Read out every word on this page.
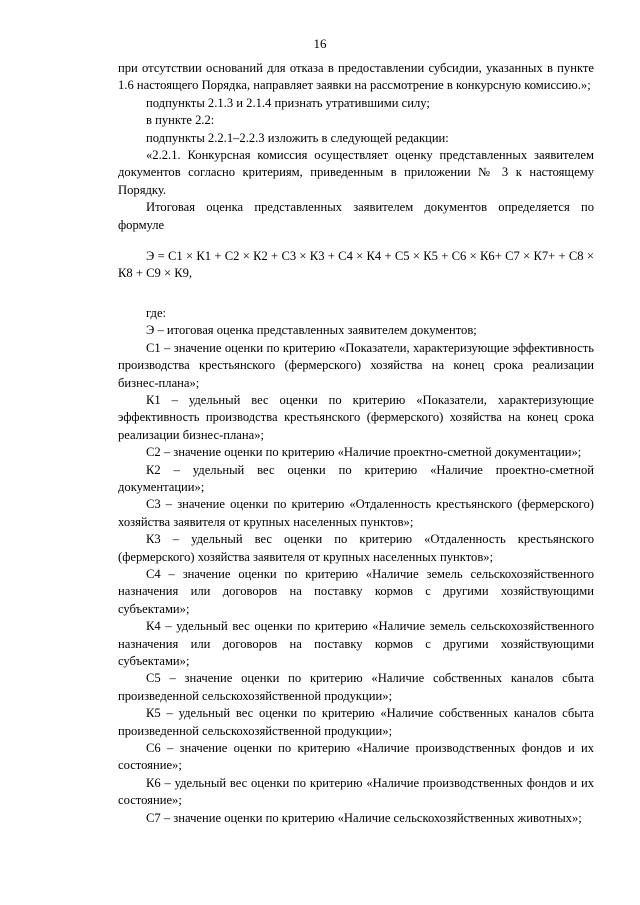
16

при отсутствии оснований для отказа в предоставлении субсидии, указанных в пункте 1.6 настоящего Порядка, направляет заявки на рассмотрение в конкурсную комиссию.»;

подпункты 2.1.3 и 2.1.4 признать утратившими силу;

в пункте 2.2:

подпункты 2.2.1–2.2.3 изложить в следующей редакции:

«2.2.1. Конкурсная комиссия осуществляет оценку представленных заявителем документов согласно критериям, приведенным в приложении № 3 к настоящему Порядку.

Итоговая оценка представленных заявителем документов определяется по формуле

Э = С1 × К1 + С2 × К2 + С3 × К3 + С4 × К4 + С5 × К5 + С6 × К6+ С7 × К7+ + С8 × К8 + С9 × К9,

где:

Э – итоговая оценка представленных заявителем документов;

С1 – значение оценки по критерию «Показатели, характеризующие эффективность производства крестьянского (фермерского) хозяйства на конец срока реализации бизнес-плана»;

К1 – удельный вес оценки по критерию «Показатели, характеризующие эффективность производства крестьянского (фермерского) хозяйства на конец срока реализации бизнес-плана»;

С2 – значение оценки по критерию «Наличие проектно-сметной документации»;

К2 – удельный вес оценки по критерию «Наличие проектно-сметной документации»;

С3 – значение оценки по критерию «Отдаленность крестьянского (фермерского) хозяйства заявителя от крупных населенных пунктов»;

К3 – удельный вес оценки по критерию «Отдаленность крестьянского (фермерского) хозяйства заявителя от крупных населенных пунктов»;

С4 – значение оценки по критерию «Наличие земель сельскохозяйственного назначения или договоров на поставку кормов с другими хозяйствующими субъектами»;

К4 – удельный вес оценки по критерию «Наличие земель сельскохозяйственного назначения или договоров на поставку кормов с другими хозяйствующими субъектами»;

С5 – значение оценки по критерию «Наличие собственных каналов сбыта произведенной сельскохозяйственной продукции»;

К5 – удельный вес оценки по критерию «Наличие собственных каналов сбыта произведенной сельскохозяйственной продукции»;

С6 – значение оценки по критерию «Наличие производственных фондов и их состояние»;

К6 – удельный вес оценки по критерию «Наличие производственных фондов и их состояние»;

С7 – значение оценки по критерию «Наличие сельскохозяйственных животных»;
